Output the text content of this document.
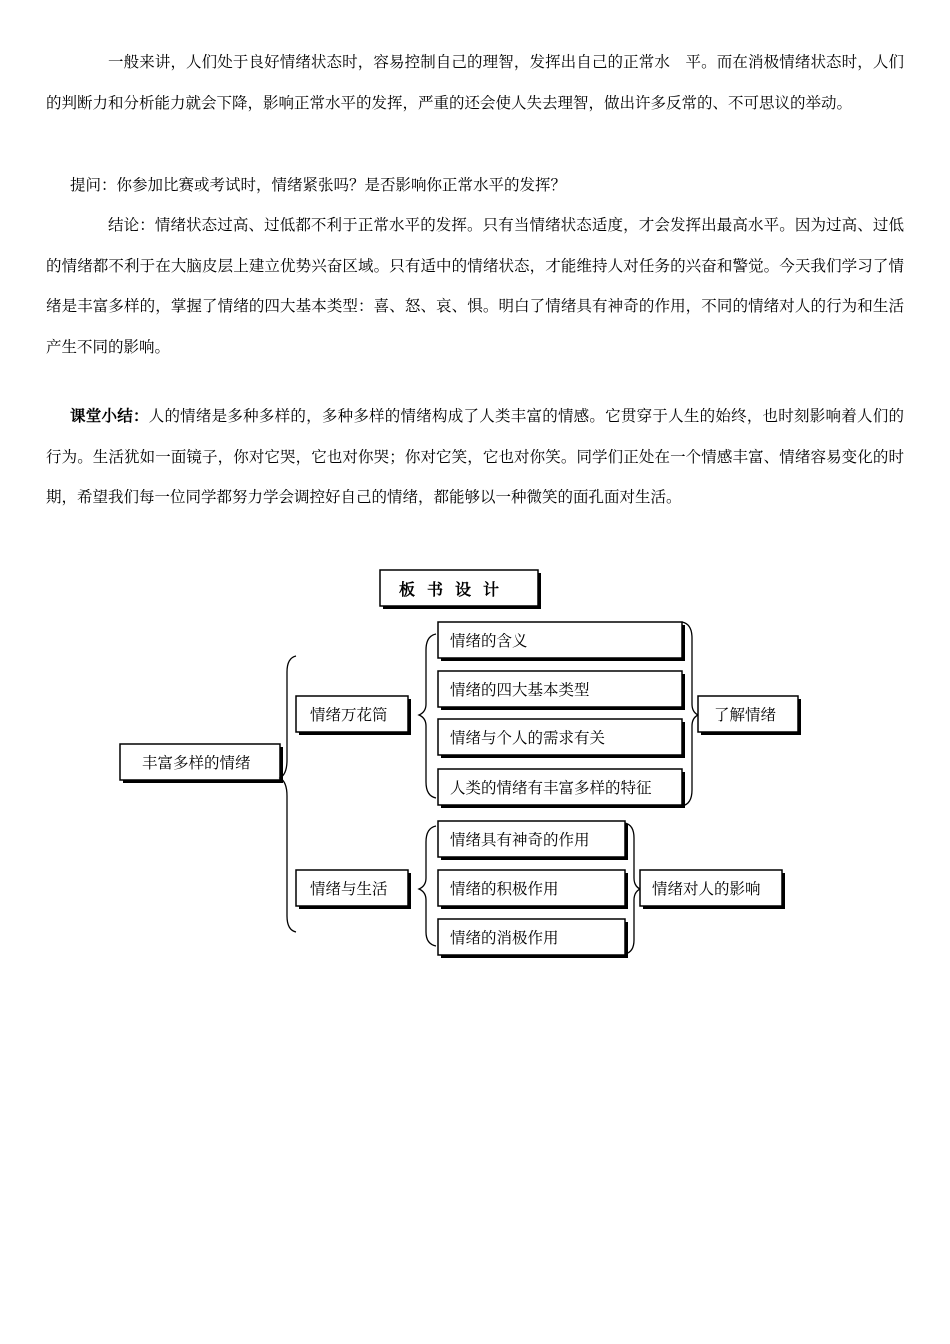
一般来讲，人们处于良好情绪状态时，容易控制自己的理智，发挥出自己的正常水　平。而在消极情绪状态时，人们的判断力和分析能力就会下降，影响正常水平的发挥，严重的还会使人失去理智，做出许多反常的、不可思议的举动。

提问：你参加比赛或考试时，情绪紧张吗？是否影响你正常水平的发挥？

结论：情绪状态过高、过低都不利于正常水平的发挥。只有当情绪状态适度，才会发挥出最高水平。因为过高、过低的情绪都不利于在大脑皮层上建立优势兴奋区域。只有适中的情绪状态，才能维持人对任务的兴奋和警觉。今天我们学习了情绪是丰富多样的，掌握了情绪的四大基本类型：喜、怒、哀、惧。明白了情绪具有神奇的作用，不同的情绪对人的行为和生活产生不同的影响。

课堂小结：人的情绪是多种多样的，多种多样的情绪构成了人类丰富的情感。它贯穿于人生的始终，也时刻影响着人们的行为。生活犹如一面镜子，你对它哭，它也对你哭；你对它笑，它也对你笑。同学们正处在一个情感丰富、情绪容易变化的时期，希望我们每一位同学都努力学会调控好自己的情绪，都能够以一种微笑的面孔面对生活。

板书设计
丰富多样的情绪
情绪万花筒
情绪的含义
情绪的四大基本类型
情绪与个人的需求有关
人类的情绪有丰富多样的特征
了解情绪
情绪与生活
情绪具有神奇的作用
情绪的积极作用
情绪的消极作用
情绪对人的影响
